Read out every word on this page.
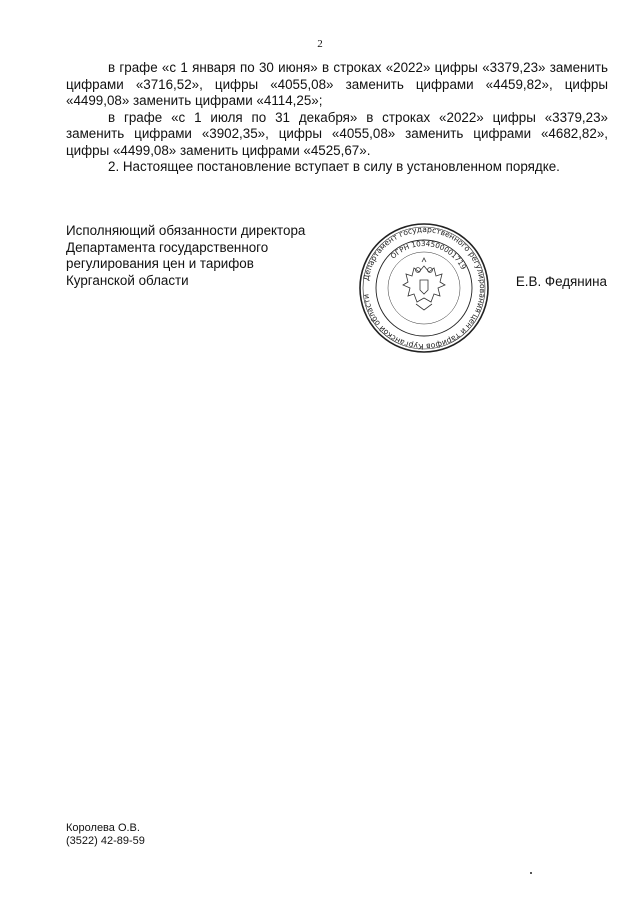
2

в графе «с 1 января по 30 июня» в строках «2022» цифры «3379,23» заменить цифрами «3716,52», цифры «4055,08» заменить цифрами «4459,82», цифры «4499,08» заменить цифрами «4114,25»;

в графе «с 1 июля по 31 декабря» в строках «2022» цифры «3379,23» заменить цифрами «3902,35», цифры «4055,08» заменить цифрами «4682,82», цифры «4499,08» заменить цифрами «4525,67».

2. Настоящее постановление вступает в силу в установленном порядке.

Исполняющий обязанности директора
Департамента государственного
регулирования цен и тарифов
Курганской области	Департамент государственного регулирования цен и тарифов Курганской области
ОГРН 1034500001719
Е.В. Федянина
Королева О.В.
(3522) 42-89-59
